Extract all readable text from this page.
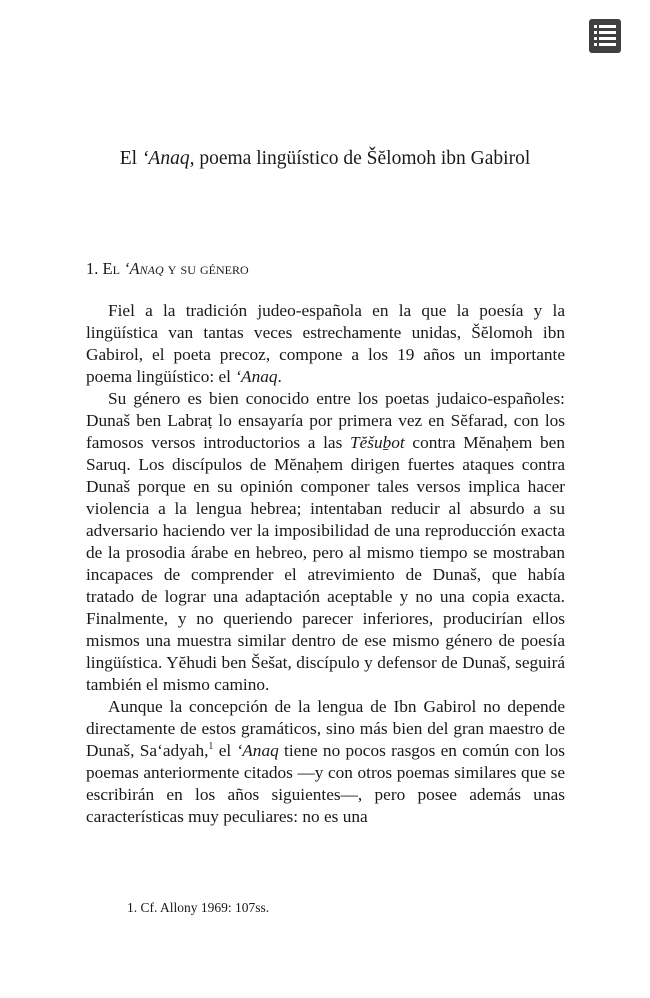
El ‘Anaq, poema lingüístico de Šĕlomoh ibn Gabirol
1. El ‘Anaq y su género

Fiel a la tradición judeo-española en la que la poesía y la lingüística van tantas veces estrechamente unidas, Šĕlomoh ibn Gabirol, el poeta precoz, compone a los 19 años un importante poema lingüístico: el ‘Anaq.

Su género es bien conocido entre los poetas judaico-españoles: Dunaš ben Labraṭ lo ensayaría por primera vez en Sĕfarad, con los famosos versos introductorios a las Tĕšuḇot contra Mĕnaḥem ben Saruq. Los discípulos de Mĕnaḥem dirigen fuertes ataques contra Dunaš porque en su opinión componer tales versos implica hacer violencia a la lengua hebrea; intentaban reducir al absurdo a su adversario haciendo ver la imposibilidad de una reproducción exacta de la prosodia árabe en hebreo, pero al mismo tiempo se mostraban incapaces de comprender el atrevimiento de Dunaš, que había tratado de lograr una adaptación aceptable y no una copia exacta. Finalmente, y no queriendo parecer inferiores, producirían ellos mismos una muestra similar dentro de ese mismo género de poesía lingüística. Yĕhudi ben Šešat, discípulo y defensor de Dunaš, seguirá también el mismo camino.

Aunque la concepción de la lengua de Ibn Gabirol no depende directamente de estos gramáticos, sino más bien del gran maestro de Dunaš, Sa‘adyah,$^1$ el ‘Anaq tiene no pocos rasgos en común con los poemas anteriormente citados —y con otros poemas similares que se escribirán en los años siguientes—, pero posee además unas características muy peculiares: no es una

1. Cf. Allony 1969: 107ss.
